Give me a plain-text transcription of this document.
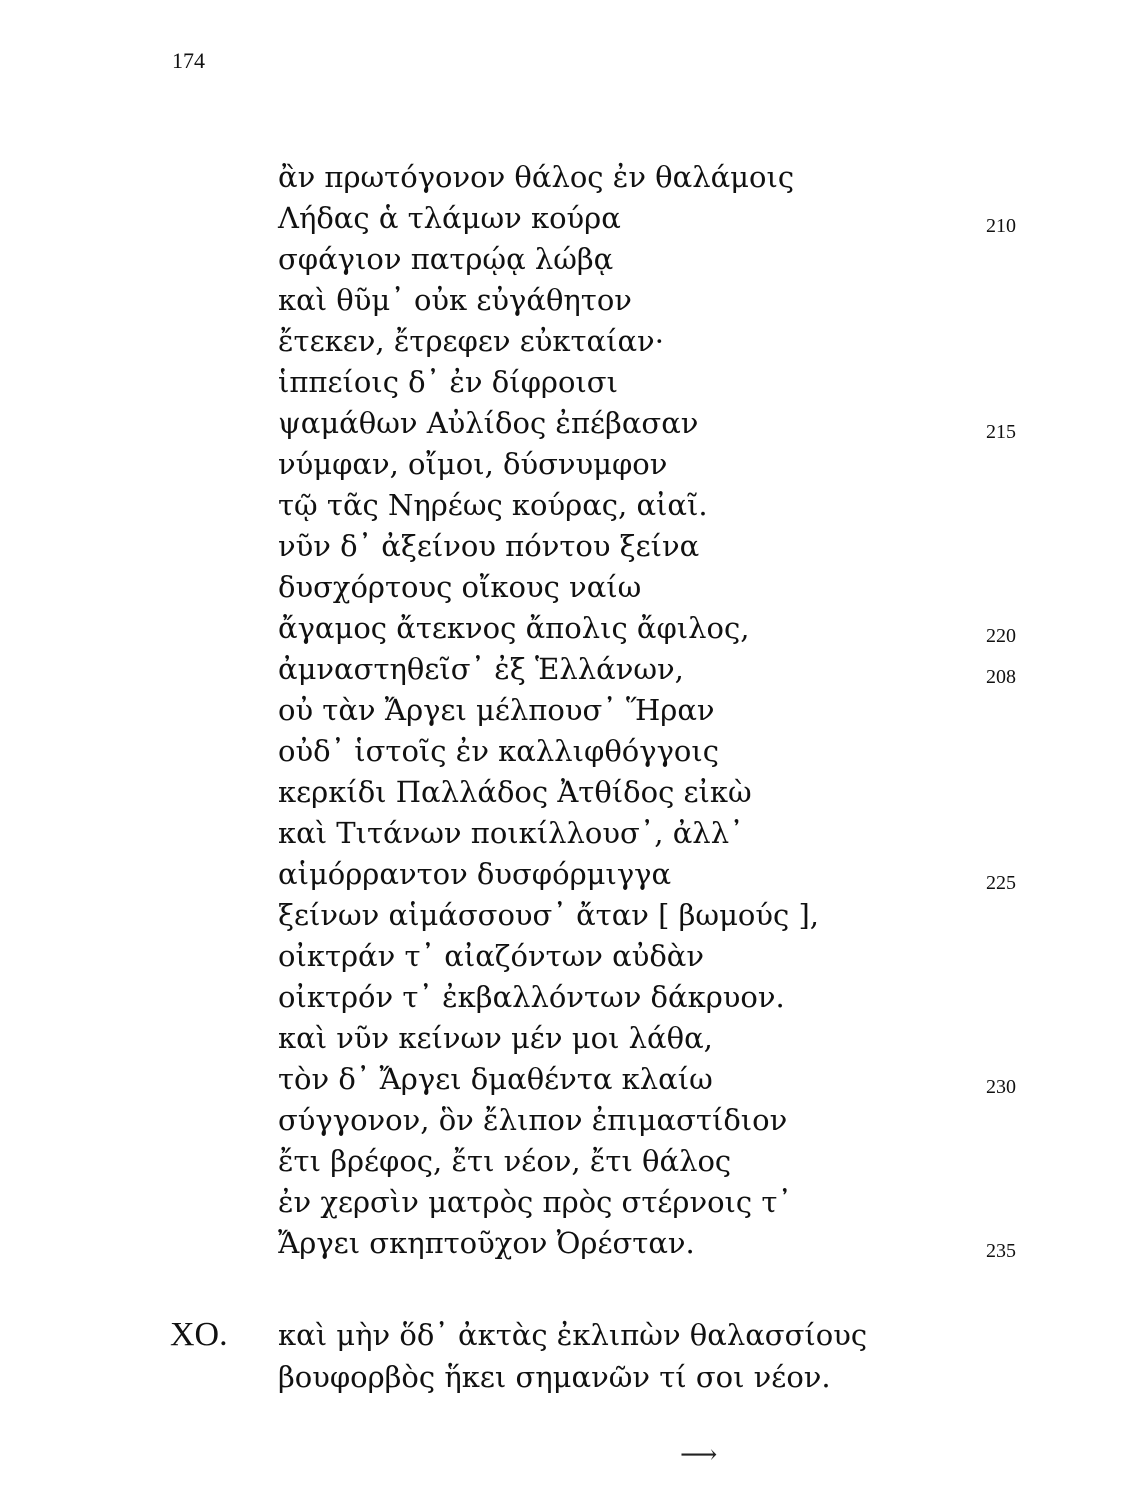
174
ἂν πρωτόγονον θάλος ἐν θαλάμοις
Λήδας ἁ τλάμων κούρα
σφάγιον πατρῴᾳ λώβᾳ
καὶ θῦμ᾽ οὐκ εὐγάθητον
ἔτεκεν, ἔτρεφεν εὐκταίαν·
ἱππείοις δ᾽ ἐν δίφροισι
ψαμάθων Αὐλίδος ἐπέβασαν
νύμφαν, οἴμοι, δύσνυμφον
τῷ τᾶς Νηρέως κούρας, αἰαῖ.
νῦν δ᾽ ἀξείνου πόντου ξείνα
δυσχόρτους οἴκους ναίω
ἄγαμος ἄτεκνος ἄπολις ἄφιλος,
ἀμναστηθεῖσ᾽ ἐξ Ἑλλάνων,
οὐ τὰν Ἄργει μέλπουσ᾽ Ἥραν
οὐδ᾽ ἱστοῖς ἐν καλλιφθόγγοις
κερκίδι Παλλάδος Ἀτθίδος εἰκὼ
καὶ Τιτάνων ποικίλλουσ᾽, ἀλλ᾽
αἱμόρραντον δυσφόρμιγγα
ξείνων αἱμάσσουσ᾽ ἄταν [ βωμούς ],
οἰκτράν τ᾽ αἰαζόντων αὐδὰν
οἰκτρόν τ᾽ ἐκβαλλόντων δάκρυον.
καὶ νῦν κείνων μέν μοι λάθα,
τὸν δ᾽ Ἄργει δμαθέντα κλαίω
σύγγονον, ὃν ἔλιπον ἐπιμαστίδιον
ἔτι βρέφος, ἔτι νέον, ἔτι θάλος
ἐν χερσὶν ματρὸς πρὸς στέρνοις τ᾽
Ἄργει σκηπτοῦχον Ὀρέσταν.
210
215
220
208
225
230
235
ΧΟ.	καὶ μὴν ὅδ᾽ ἀκτὰς ἐκλιπὼν θαλασσίους
βουφορβὸς ἥκει σημανῶν τί σοι νέον.
⟶
